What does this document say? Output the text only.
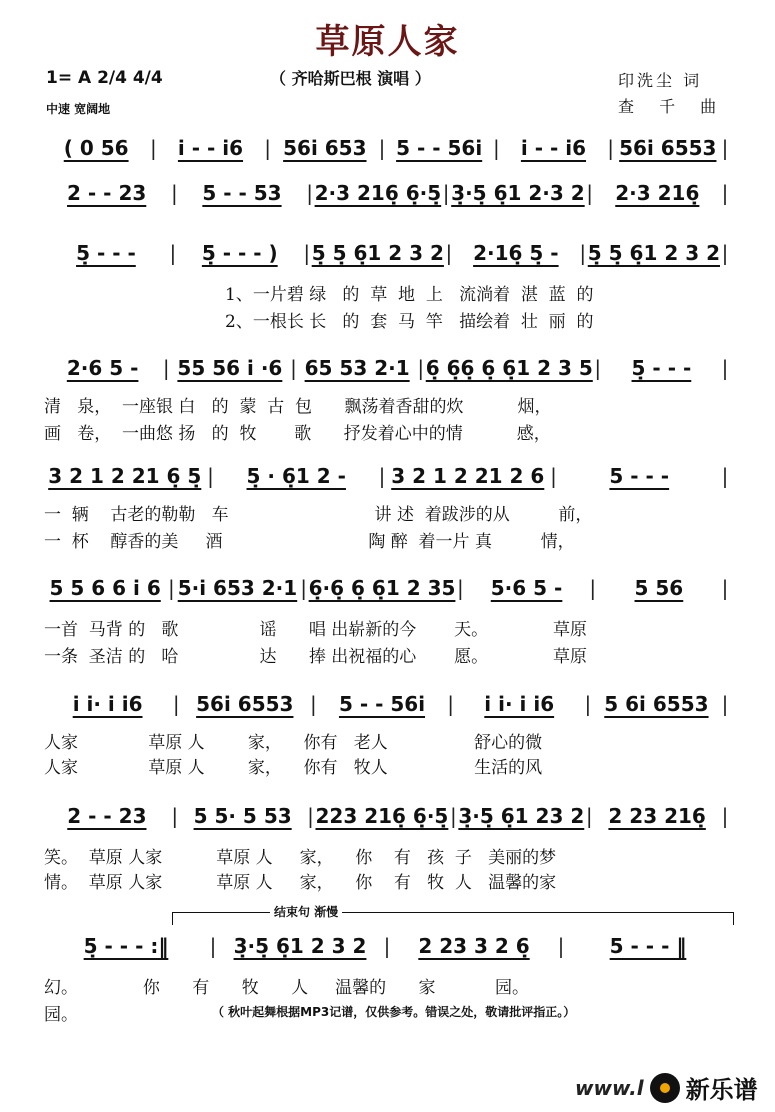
草原人家
（ 齐哈斯巴根 演唱 ）
1= A 2/4 4/4
中速 宽阔地
印洗尘 词
查 千 曲
( 0 56	|	i̇ - - i̇6	| 56i̇ 653 | 5 - - 56i̇ |	i̇ - - i̇6	| 56i̇ 6553 |
2 - - 23	|	5 - - 53	| 2·3 216̣ 6̣·5̣ | 3̣·5̣ 6̣1 2·3 2 |	2·3 216̣	|
5̣ - - -	|	5̣ - - - )	| 5̣ 5̣ 6̣1 2 3 2 |	2·16̣ 5̣ -	| 5̣ 5̣ 6̣1 2 3 2 |
2·6 5 -	| 55 56 i̇ ·6 | 65 53 2·1 | 6̣ 6̣6̣ 6̣ 6̣1 2 3 5 |	5̣ - - -	|
3 2 1 2 21 6̣ 5̣ |	5̣ · 6̣1 2 -	| 3 2 1 2 21 2 6 |	5 - - -	|
5 5 6 6 i̇ 6 | 5·i̇ 653 2·1 | 6̣·6̣ 6̣ 6̣1 2 35 |	5·6 5 -	|	5 56	|
i̇ i̇· i̇ i̇6	| 56i̇ 6553 |	5 - - 56i̇	|	i̇ i̇· i̇ i̇6	| 5 6i̇ 6553 |
2 - - 23	| 5 5· 5 53 | 223 216̣ 6̣·5̣ | 3̣·5̣ 6̣1 23 2 | 2 23 216̣ |
5̣ - - - :‖	| 3̣·5̣ 6̣1 2 3 2 |	2 23 3 2 6̣	|	5 - - - ‖
1、一片碧 绿   的  草  地  上   流淌着  湛  蓝  的
2、一根长 长   的  套  马  竿   描绘着  壮  丽  的
清   泉，  一座银 白   的  蒙  古  包      飘荡着香甜的炊          烟，
画   卷，  一曲悠 扬   的  牧       歌      抒发着心中的情          感，
一  辆    古老的勒勒   车                           讲 述  着跋涉的从         前，
一  杯    醇香的美     酒                           陶 醉  着一片 真         情，
一首  马背 的   歌               谣      唱 出崭新的今       天。            草原
一条  圣洁 的   哈               达      捧 出祝福的心       愿。            草原
人家             草原 人        家，    你有   老人                舒心的微
人家             草原 人        家，    你有   牧人                生活的风
笑。  草原 人家          草原 人     家，    你    有   孩  子   美丽的梦
情。  草原 人家          草原 人     家，    你    有   牧  人   温馨的家
幻。            你      有      牧      人     温馨的      家           园。
园。
结束句 渐慢
（ 秋叶起舞根据MP3记谱，仅供参考。错误之处，敬请批评指正。）
www.l 新乐谱
